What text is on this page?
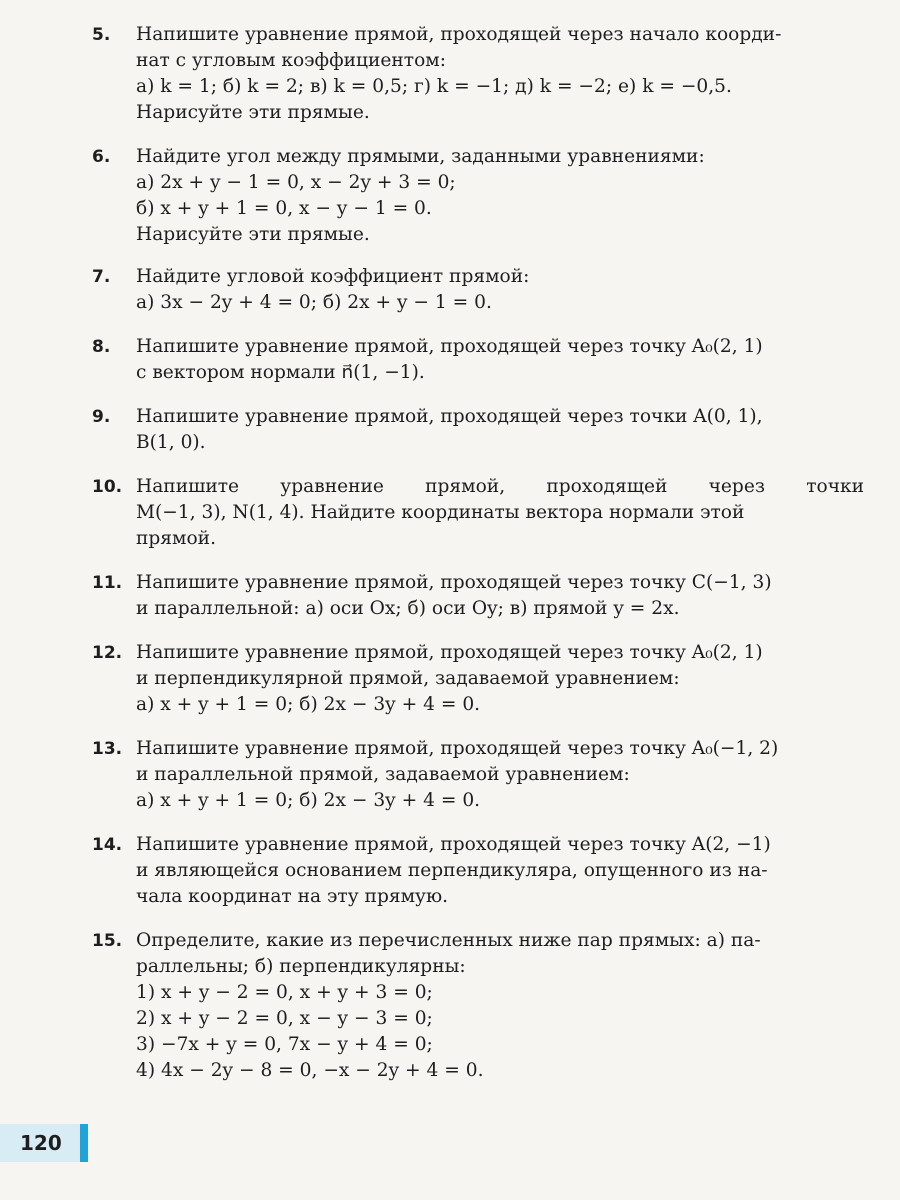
5.	Напишите уравнение прямой, проходящей через начало коорди-
нат с угловым коэффициентом:
а) k = 1; б) k = 2; в) k = 0,5; г) k = −1; д) k = −2; е) k = −0,5.
Нарисуйте эти прямые.
6.	Найдите угол между прямыми, заданными уравнениями:
а) 2x + y − 1 = 0, x − 2y + 3 = 0;
б) x + y + 1 = 0, x − y − 1 = 0.
Нарисуйте эти прямые.
7.	Найдите угловой коэффициент прямой:
а) 3x − 2y + 4 = 0; б) 2x + y − 1 = 0.
8.	Напишите уравнение прямой, проходящей через точку A₀(2, 1)
с вектором нормали n⃗(1, −1).
9.	Напишите уравнение прямой, проходящей через точки A(0, 1),
B(1, 0).
10. Напишите уравнение прямой, проходящей через точки
M(−1, 3), N(1, 4). Найдите координаты вектора нормали этой
прямой.
11. Напишите уравнение прямой, проходящей через точку C(−1, 3)
и параллельной: а) оси Ox; б) оси Oy; в) прямой y = 2x.
12. Напишите уравнение прямой, проходящей через точку A₀(2, 1)
и перпендикулярной прямой, задаваемой уравнением:
а) x + y + 1 = 0; б) 2x − 3y + 4 = 0.
13. Напишите уравнение прямой, проходящей через точку A₀(−1, 2)
и параллельной прямой, задаваемой уравнением:
а) x + y + 1 = 0; б) 2x − 3y + 4 = 0.
14. Напишите уравнение прямой, проходящей через точку A(2, −1)
и являющейся основанием перпендикуляра, опущенного из на-
чала координат на эту прямую.
15. Определите, какие из перечисленных ниже пар прямых: а) па-
раллельны; б) перпендикулярны:
1) x + y − 2 = 0, x + y + 3 = 0;
2) x + y − 2 = 0, x − y − 3 = 0;
3) −7x + y = 0, 7x − y + 4 = 0;
4) 4x − 2y − 8 = 0, −x − 2y + 4 = 0.
120
